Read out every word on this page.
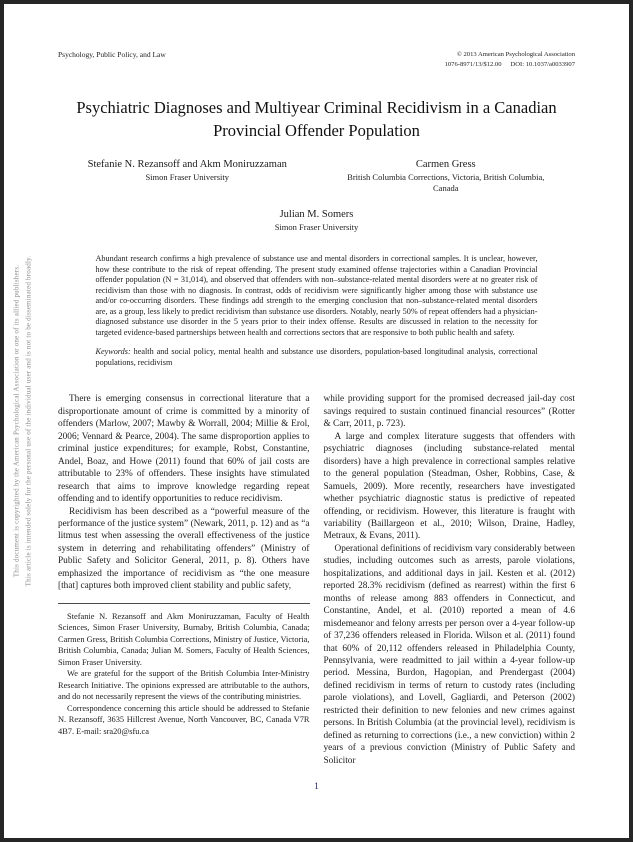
This document is copyrighted by the American Psychological Association or one of its allied publishers. This article is intended solely for the personal use of the individual user and is not to be disseminated broadly.
Psychology, Public Policy, and Law	© 2013 American Psychological Association
1076-8971/13/$12.00 DOI: 10.1037/a0033907
Psychiatric Diagnoses and Multiyear Criminal Recidivism in a Canadian Provincial Offender Population
Stefanie N. Rezansoff and Akm Moniruzzaman
Simon Fraser University
Carmen Gress
British Columbia Corrections, Victoria, British Columbia, Canada
Julian M. Somers
Simon Fraser University
Abundant research confirms a high prevalence of substance use and mental disorders in correctional samples. It is unclear, however, how these contribute to the risk of repeat offending. The present study examined offense trajectories within a Canadian Provincial offender population (N = 31,014), and observed that offenders with non–substance-related mental disorders were at no greater risk of recidivism than those with no diagnosis. In contrast, odds of recidivism were significantly higher among those with substance use and/or co-occurring disorders. These findings add strength to the emerging conclusion that non–substance-related mental disorders are, as a group, less likely to predict recidivism than substance use disorders. Notably, nearly 50% of repeat offenders had a physician-diagnosed substance use disorder in the 5 years prior to their index offense. Results are discussed in relation to the necessity for targeted evidence-based partnerships between health and corrections sectors that are responsive to both public health and safety.
Keywords: health and social policy, mental health and substance use disorders, population-based longitudinal analysis, correctional populations, recidivism

There is emerging consensus in correctional literature that a disproportionate amount of crime is committed by a minority of offenders (Marlow, 2007; Mawby & Worrall, 2004; Millie & Erol, 2006; Vennard & Pearce, 2004). The same disproportion applies to criminal justice expenditures; for example, Robst, Constantine, Andel, Boaz, and Howe (2011) found that 60% of jail costs are attributable to 23% of offenders. These insights have stimulated research that aims to improve knowledge regarding repeat offending and to identify opportunities to reduce recidivism.

Recidivism has been described as a “powerful measure of the performance of the justice system” (Newark, 2011, p. 12) and as “a litmus test when assessing the overall effectiveness of the justice system in deterring and rehabilitating offenders” (Ministry of Public Safety and Solicitor General, 2011, p. 8). Others have emphasized the importance of recidivism as “the one measure [that] captures both improved client stability and public safety,

Stefanie N. Rezansoff and Akm Moniruzzaman, Faculty of Health Sciences, Simon Fraser University, Burnaby, British Columbia, Canada; Carmen Gress, British Columbia Corrections, Ministry of Justice, Victoria, British Columbia, Canada; Julian M. Somers, Faculty of Health Sciences, Simon Fraser University.

We are grateful for the support of the British Columbia Inter-Ministry Research Initiative. The opinions expressed are attributable to the authors, and do not necessarily represent the views of the contributing ministries.

Correspondence concerning this article should be addressed to Stefanie N. Rezansoff, 3635 Hillcrest Avenue, North Vancouver, BC, Canada V7R 4B7. E-mail: sra20@sfu.ca

while providing support for the promised decreased jail-day cost savings required to sustain continued financial resources” (Rotter & Carr, 2011, p. 723).

A large and complex literature suggests that offenders with psychiatric diagnoses (including substance-related mental disorders) have a high prevalence in correctional samples relative to the general population (Steadman, Osher, Robbins, Case, & Samuels, 2009). More recently, researchers have investigated whether psychiatric diagnostic status is predictive of repeated offending, or recidivism. However, this literature is fraught with variability (Baillargeon et al., 2010; Wilson, Draine, Hadley, Metraux, & Evans, 2011).

Operational definitions of recidivism vary considerably between studies, including outcomes such as arrests, parole violations, hospitalizations, and additional days in jail. Kesten et al. (2012) reported 28.3% recidivism (defined as rearrest) within the first 6 months of release among 883 offenders in Connecticut, and Constantine, Andel, et al. (2010) reported a mean of 4.6 misdemeanor and felony arrests per person over a 4-year follow-up of 37,236 offenders released in Florida. Wilson et al. (2011) found that 60% of 20,112 offenders released in Philadelphia County, Pennsylvania, were readmitted to jail within a 4-year follow-up period. Messina, Burdon, Hagopian, and Prendergast (2004) defined recidivism in terms of return to custody rates (including parole violations), and Lovell, Gagliardi, and Peterson (2002) restricted their definition to new felonies and new crimes against persons. In British Columbia (at the provincial level), recidivism is defined as returning to corrections (i.e., a new conviction) within 2 years of a previous conviction (Ministry of Public Safety and Solicitor

1
